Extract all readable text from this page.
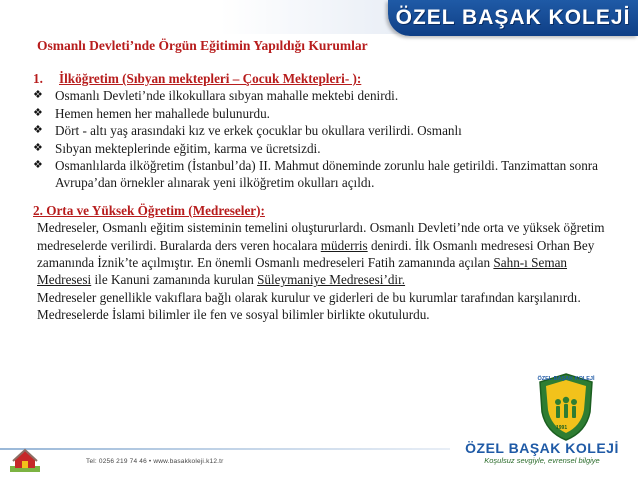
ÖZEL BAŞAK KOLEJİ
Osmanlı Devleti’nde Örgün Eğitimin Yapıldığı Kurumlar
1.	İlköğretim (Sıbyan mektepleri – Çocuk Mektepleri- ):
❖ Osmanlı Devleti’nde ilkokullara sıbyan mahalle mektebi denirdi.
❖ Hemen hemen her mahallede bulunurdu.
❖ Dört - altı yaş arasındaki kız ve erkek çocuklar bu okullara verilirdi. Osmanlı
❖ Sıbyan mekteplerinde eğitim, karma ve ücretsizdi.
❖ Osmanlılarda ilköğretim (İstanbul’da) II. Mahmut döneminde zorunlu hale getirildi. Tanzimattan sonra Avrupa’dan örnekler alınarak yeni ilköğretim okulları açıldı.
2. Orta ve Yüksek Öğretim (Medreseler):

Medreseler, Osmanlı eğitim sisteminin temelini oluştururlardı. Osmanlı Devleti’nde orta ve yüksek öğretim medreselerde verilirdi. Buralarda ders veren hocalara müderris denirdi. İlk Osmanlı medresesi Orhan Bey zamanında İznik’te açılmıştır. En önemli Osmanlı medreseleri Fatih zamanında açılan Sahn-ı Seman Medresesi ile Kanuni zamanında kurulan Süleymaniye Medresesi’dir.

Medreseler genellikle vakıflara bağlı olarak kurulur ve giderleri de bu kurumlar tarafından karşılanırdı. Medreselerde İslami bilimler ile fen ve sosyal bilimler birlikte okutulurdu.

ÖZEL BAŞAK KOLEJİ
1991
ÖZEL BAŞAK KOLEJİ
Koşulsuz sevgiyle, evrensel bilgiye
Tel: 0256 219 74 46 • www.basakkoleji.k12.tr
